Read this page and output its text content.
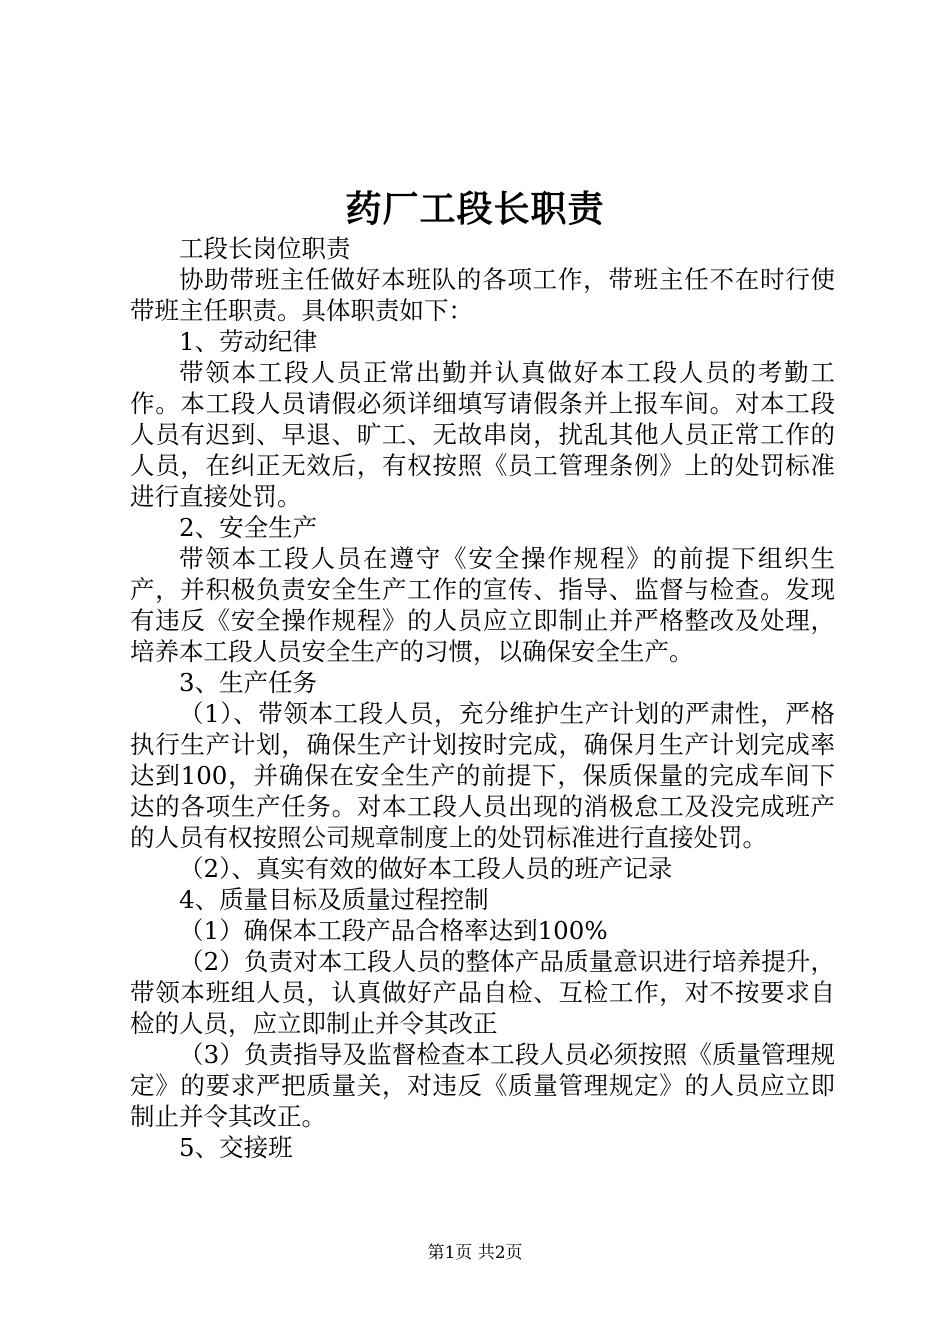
药厂工段长职责

工段长岗位职责

协助带班主任做好本班队的各项工作，带班主任不在时行使带班主任职责。具体职责如下：

1、劳动纪律

带领本工段人员正常出勤并认真做好本工段人员的考勤工作。本工段人员请假必须详细填写请假条并上报车间。对本工段人员有迟到、早退、旷工、无故串岗，扰乱其他人员正常工作的人员，在纠正无效后，有权按照《员工管理条例》上的处罚标准进行直接处罚。

2、安全生产

带领本工段人员在遵守《安全操作规程》的前提下组织生产，并积极负责安全生产工作的宣传、指导、监督与检查。发现有违反《安全操作规程》的人员应立即制止并严格整改及处理，培养本工段人员安全生产的习惯，以确保安全生产。

3、生产任务

（1）、带领本工段人员，充分维护生产计划的严肃性，严格执行生产计划，确保生产计划按时完成，确保月生产计划完成率达到100，并确保在安全生产的前提下，保质保量的完成车间下达的各项生产任务。对本工段人员出现的消极怠工及没完成班产的人员有权按照公司规章制度上的处罚标准进行直接处罚。

（2）、真实有效的做好本工段人员的班产记录

4、质量目标及质量过程控制

（1）确保本工段产品合格率达到100%

（2）负责对本工段人员的整体产品质量意识进行培养提升，带领本班组人员，认真做好产品自检、互检工作，对不按要求自检的人员，应立即制止并令其改正

（3）负责指导及监督检查本工段人员必须按照《质量管理规定》的要求严把质量关，对违反《质量管理规定》的人员应立即制止并令其改正。

5、交接班

第1页 共2页
